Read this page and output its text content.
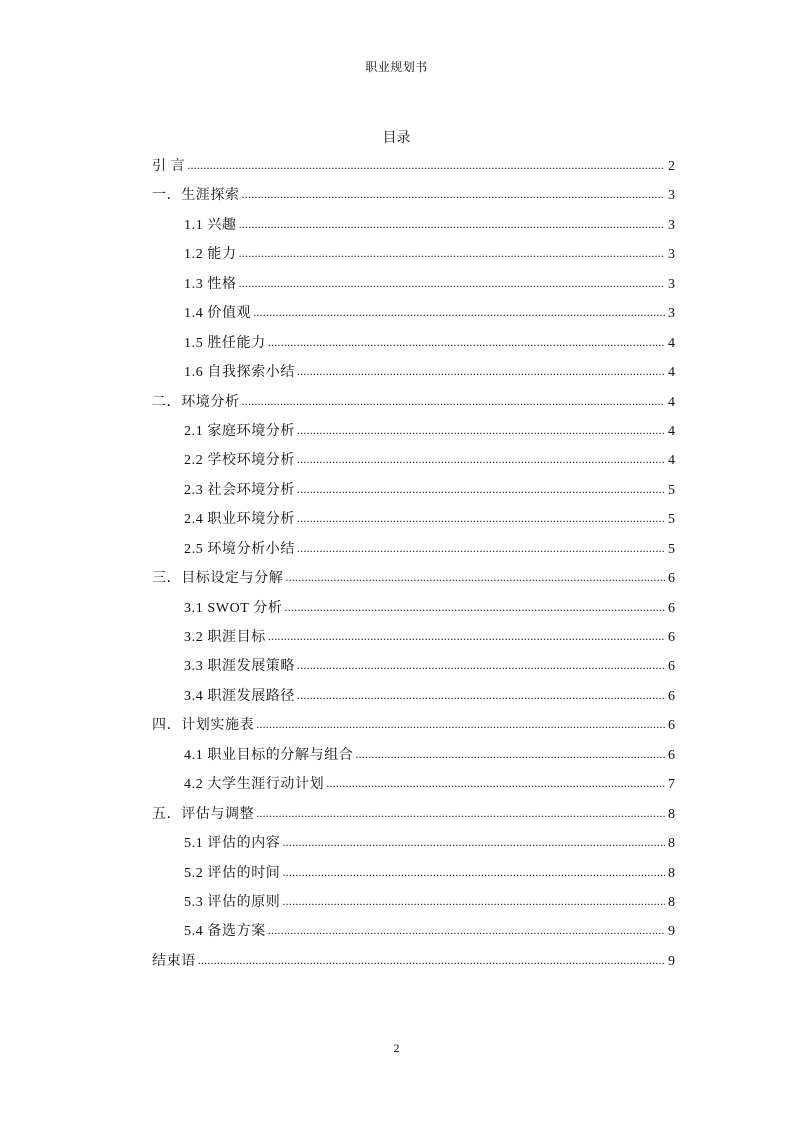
职业规划书
目录
引 言 .....	2
一．生涯探索 .....	3
1.1 兴趣 .....	3
1.2 能力 .....	3
1.3 性格 .....	3
1.4 价值观 .....	3
1.5 胜任能力 .....	4
1.6 自我探索小结 .....	4
二．环境分析 .....	4
2.1 家庭环境分析 .....	4
2.2 学校环境分析 .....	4
2.3 社会环境分析 .....	5
2.4 职业环境分析 .....	5
2.5 环境分析小结 .....	5
三．目标设定与分解 .....	6
3.1 SWOT 分析 .....	6
3.2 职涯目标 .....	6
3.3 职涯发展策略 .....	6
3.4 职涯发展路径 .....	6
四．计划实施表 .....	6
4.1 职业目标的分解与组合 .....	6
4.2 大学生涯行动计划 .....	7
五．评估与调整 .....	8
5.1 评估的内容 .....	8
5.2 评估的时间 .....	8
5.3 评估的原则 .....	8
5.4 备选方案 .....	9
结束语 .....	9
2
